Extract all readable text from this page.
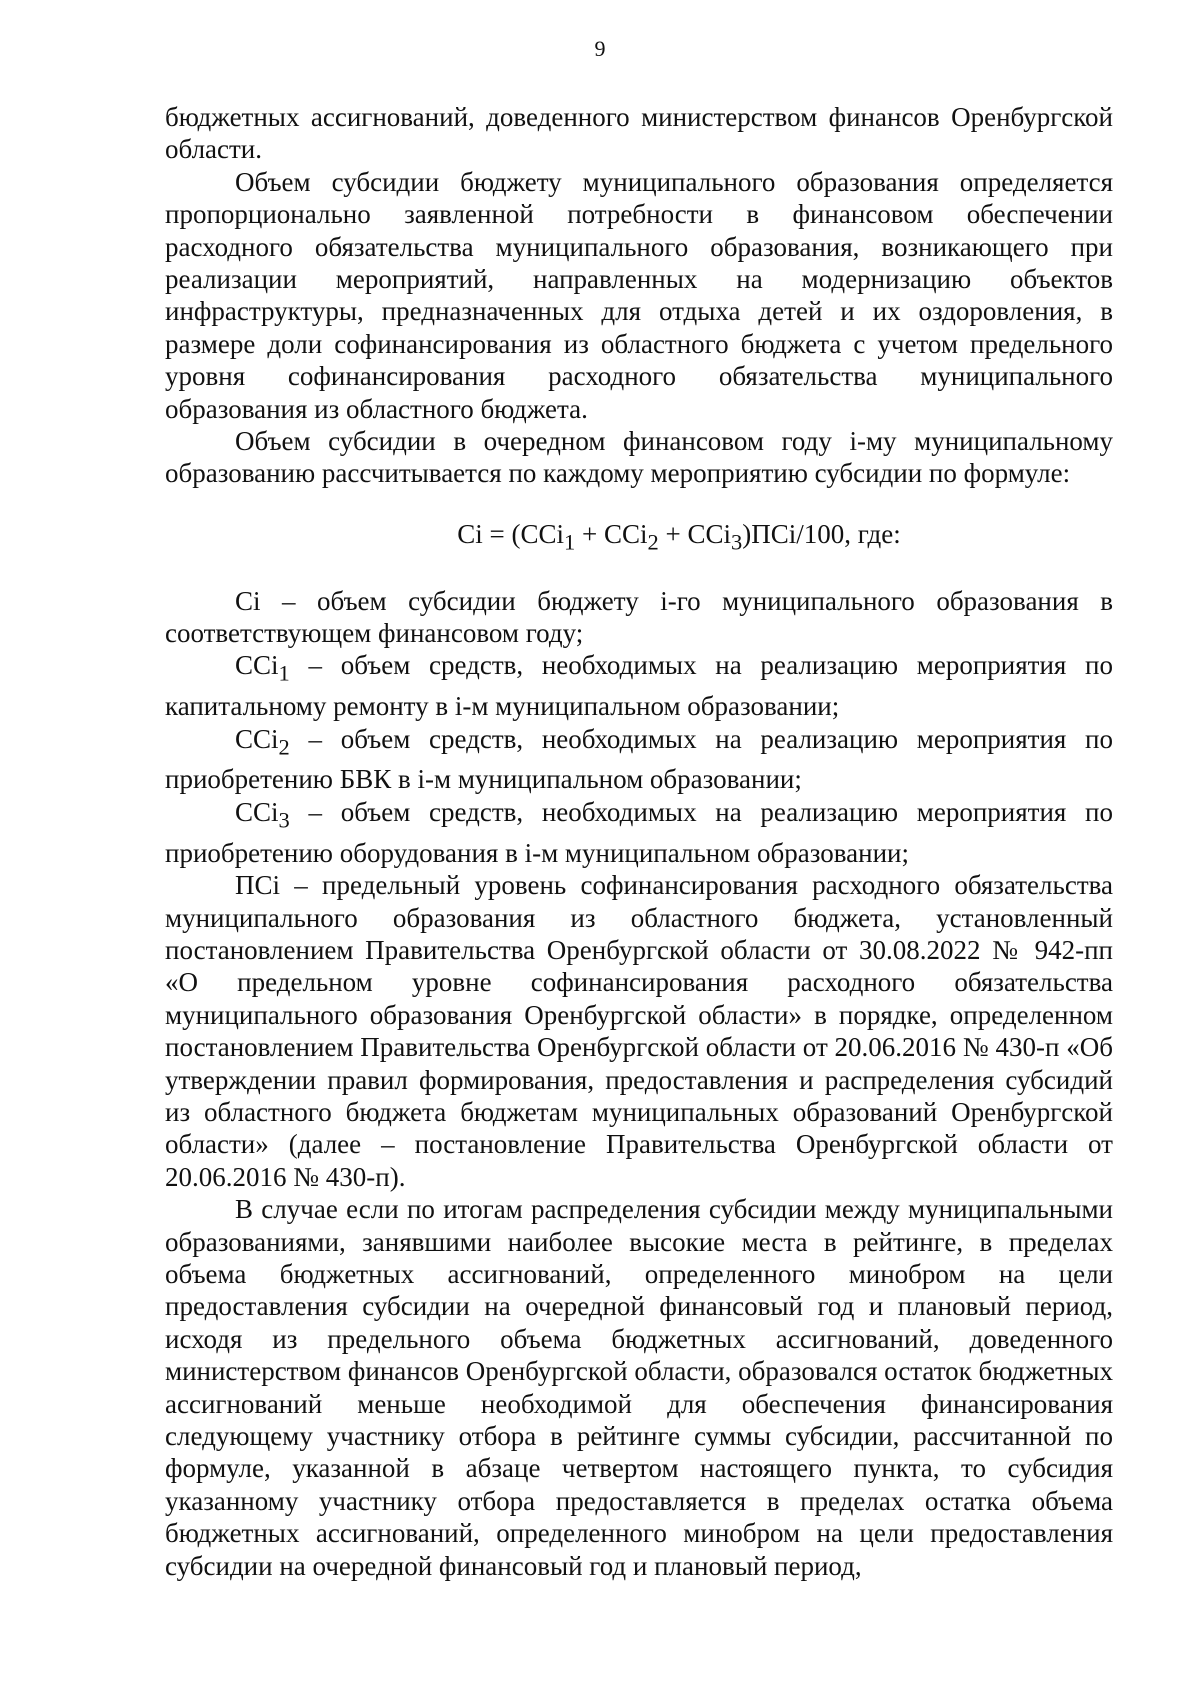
9

бюджетных ассигнований, доведенного министерством финансов Оренбургской области.

Объем субсидии бюджету муниципального образования определяется пропорционально заявленной потребности в финансовом обеспечении расходного обязательства муниципального образования, возникающего при реализации мероприятий, направленных на модернизацию объектов инфраструктуры, предназначенных для отдыха детей и их оздоровления, в размере доли софинансирования из областного бюджета с учетом предельного уровня софинансирования расходного обязательства муниципального образования из областного бюджета.

Объем субсидии в очередном финансовом году i-му муниципальному образованию рассчитывается по каждому мероприятию субсидии по формуле:

Ci = (CCi$_1$ + CCi$_2$ + CCi$_3$)ПСi/100, где:

Ci – объем субсидии бюджету i-го муниципального образования в соответствующем финансовом году;

CCi$_1$ – объем средств, необходимых на реализацию мероприятия по капитальному ремонту в i-м муниципальном образовании;

CCi$_2$ – объем средств, необходимых на реализацию мероприятия по приобретению БВК в i-м муниципальном образовании;

CCi$_3$ – объем средств, необходимых на реализацию мероприятия по приобретению оборудования в i-м муниципальном образовании;

ПСi – предельный уровень софинансирования расходного обязательства муниципального образования из областного бюджета, установленный постановлением Правительства Оренбургской области от 30.08.2022 № 942-пп «О предельном уровне софинансирования расходного обязательства муниципального образования Оренбургской области» в порядке, определенном постановлением Правительства Оренбургской области от 20.06.2016 № 430-п «Об утверждении правил формирования, предоставления и распределения субсидий из областного бюджета бюджетам муниципальных образований Оренбургской области» (далее – постановление Правительства Оренбургской области от 20.06.2016 № 430-п).

В случае если по итогам распределения субсидии между муниципальными образованиями, занявшими наиболее высокие места в рейтинге, в пределах объема бюджетных ассигнований, определенного минобром на цели предоставления субсидии на очередной финансовый год и плановый период, исходя из предельного объема бюджетных ассигнований, доведенного министерством финансов Оренбургской области, образовался остаток бюджетных ассигнований меньше необходимой для обеспечения финансирования следующему участнику отбора в рейтинге суммы субсидии, рассчитанной по формуле, указанной в абзаце четвертом настоящего пункта, то субсидия указанному участнику отбора предоставляется в пределах остатка объема бюджетных ассигнований, определенного минобром на цели предоставления субсидии на очередной финансовый год и плановый период,
